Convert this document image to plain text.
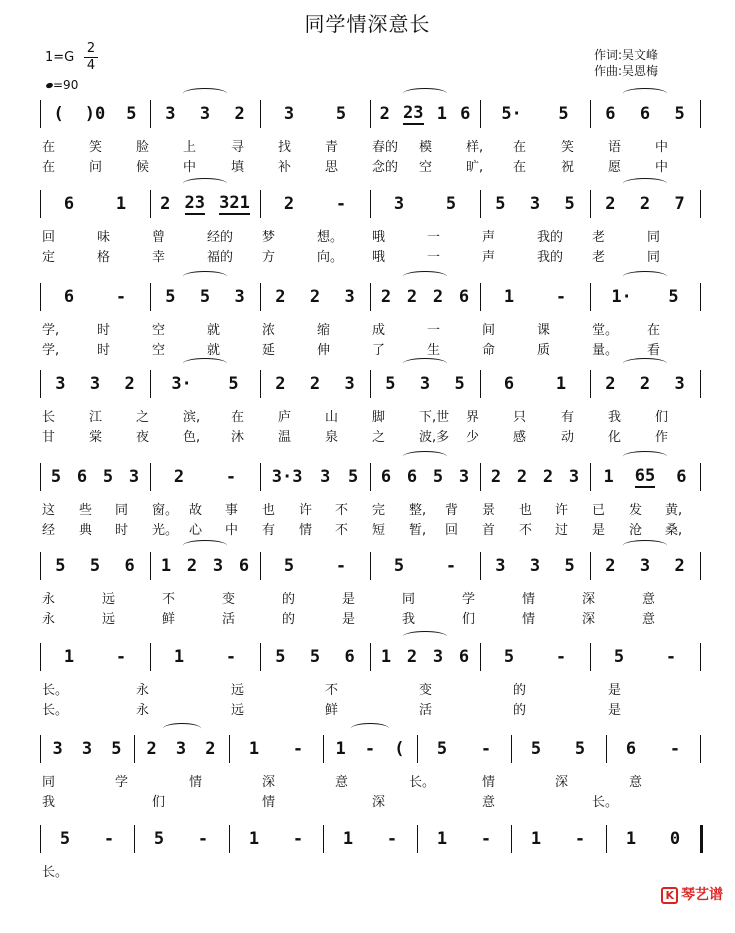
同学情深意长
1=G
2
4
=90
作词:吴文峰
作曲:吴恩梅
( )0 5 3 3 2 3 5 2 23 1 6 5· 5 6 6 5
在	笑	脸	上	寻	找	青	春的 模	样, 在	笑	语	中
在	问	候	中	填	补	思	念的 空	旷, 在	祝	愿	中
6 1 2 23 321 2 -	3 5 5 3 5 2 2 7
回	味	曾	经的 梦	想。 哦	一	声	我的 老	同
定	格	幸	福的 方	向。 哦	一	声	我的 老	同
6 - 5 5 3 2 2 3 2 2 2 6 1 -	1· 5
学,	时	空	就	浓	缩	成	一	间	课	堂。 在
学,	时	空	就	延	伸	了	生	命	质	量。 看
3 3 2 3· 5 2 2 3 5 3 5 6 1 2 2 3
长	江	之	滨, 在	庐	山	脚	下,世 界	只	有	我	们
甘	棠	夜	色, 沐	温	泉	之	波,多 少	感	动	化	作
5 6 5 3 2 - 3·3 3 5 6 6 5 3 2 2 2 3 1 65 6
这 些 同 窗。 故 事 也 许 不 完 整, 背 景 也 许 已 发 黄,
经 典 时 光。 心 中 有 情 不 短 暂, 回 首 不 过 是 沧 桑,
5 5 6 1 2 3 6 5 -	5 - 3 3 5 2 3 2
永	远	不	变	的	是	同	学	情	深	意
永	远	鲜	活	的	是	我	们	情	深	意
1 -	1 - 5 5 6 1 2 3 6 5 -	5 -
长。	永	远	不	变	的	是
长。	永	远	鲜	活	的	是
3 3 5 2 3 2 1 - 1 - ( 5 - 5 5 6 -
同	学	情	深	意	长。	情	深	意
我	们	情	深	意	长。
5 - 5 - 1 - 1 - 1 - 1 - 1 0
长。
K 琴艺谱
